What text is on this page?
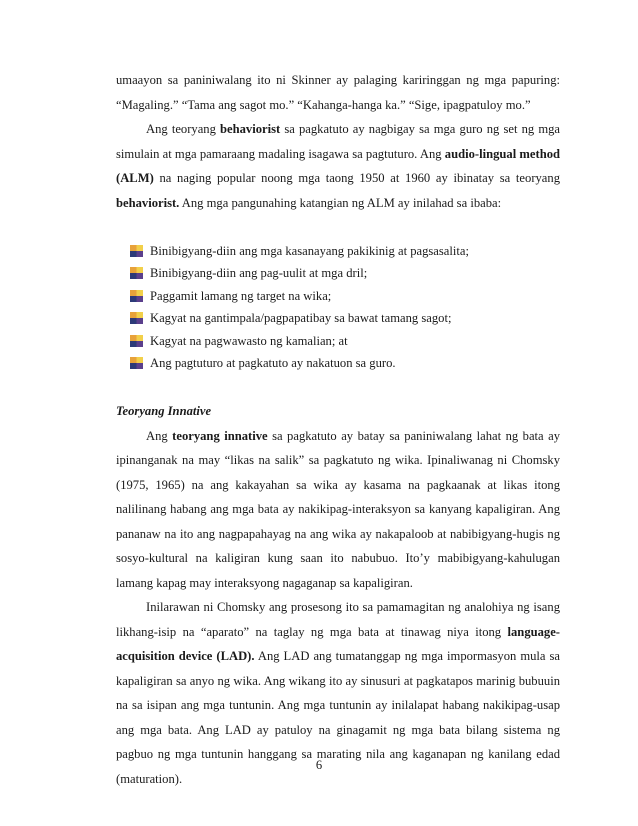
umaayon sa paniniwalang ito ni Skinner ay palaging kariringgan ng mga papuring: “Magaling.” “Tama ang sagot mo.” “Kahanga-hanga ka.” “Sige, ipagpatuloy mo.”

Ang teoryang behaviorist sa pagkatuto ay nagbigay sa mga guro ng set ng mga simulain at mga pamaraang madaling isagawa sa pagtuturo. Ang audio-lingual method (ALM) na naging popular noong mga taong 1950 at 1960 ay ibinatay sa teoryang behaviorist. Ang mga pangunahing katangian ng ALM ay inilahad sa ibaba:

Binibigyang-diin ang mga kasanayang pakikinig at pagsasalita;
Binibigyang-diin ang pag-uulit at mga dril;
Paggamit lamang ng target na wika;
Kagyat na gantimpala/pagpapatibay sa bawat tamang sagot;
Kagyat na pagwawasto ng kamalian; at
Ang pagtuturo at pagkatuto ay nakatuon sa guro.

Teoryang Innative

Ang teoryang innative sa pagkatuto ay batay sa paniniwalang lahat ng bata ay ipinanganak na may “likas na salik” sa pagkatuto ng wika. Ipinaliwanag ni Chomsky (1975, 1965) na ang kakayahan sa wika ay kasama na pagkaanak at likas itong nalilinang habang ang mga bata ay nakikipag-interaksyon sa kanyang kapaligiran. Ang pananaw na ito ang nagpapahayag na ang wika ay nakapaloob at nabibigyang-hugis ng sosyo-kultural na kaligiran kung saan ito nabubuo. Ito’y mabibigyang-kahulugan lamang kapag may interaksyong nagaganap sa kapaligiran.

Inilarawan ni Chomsky ang prosesong ito sa pamamagitan ng analohiya ng isang likhang-isip na “aparato” na taglay ng mga bata at tinawag niya itong language-acquisition device (LAD). Ang LAD ang tumatanggap ng mga impormasyon mula sa kapaligiran sa anyo ng wika. Ang wikang ito ay sinusuri at pagkatapos marinig bubuuin na sa isipan ang mga tuntunin. Ang mga tuntunin ay inilalapat habang nakikipag-usap ang mga bata. Ang LAD ay patuloy na ginagamit ng mga bata bilang sistema ng pagbuo ng mga tuntunin hanggang sa marating nila ang kaganapan ng kanilang edad (maturation).

6
